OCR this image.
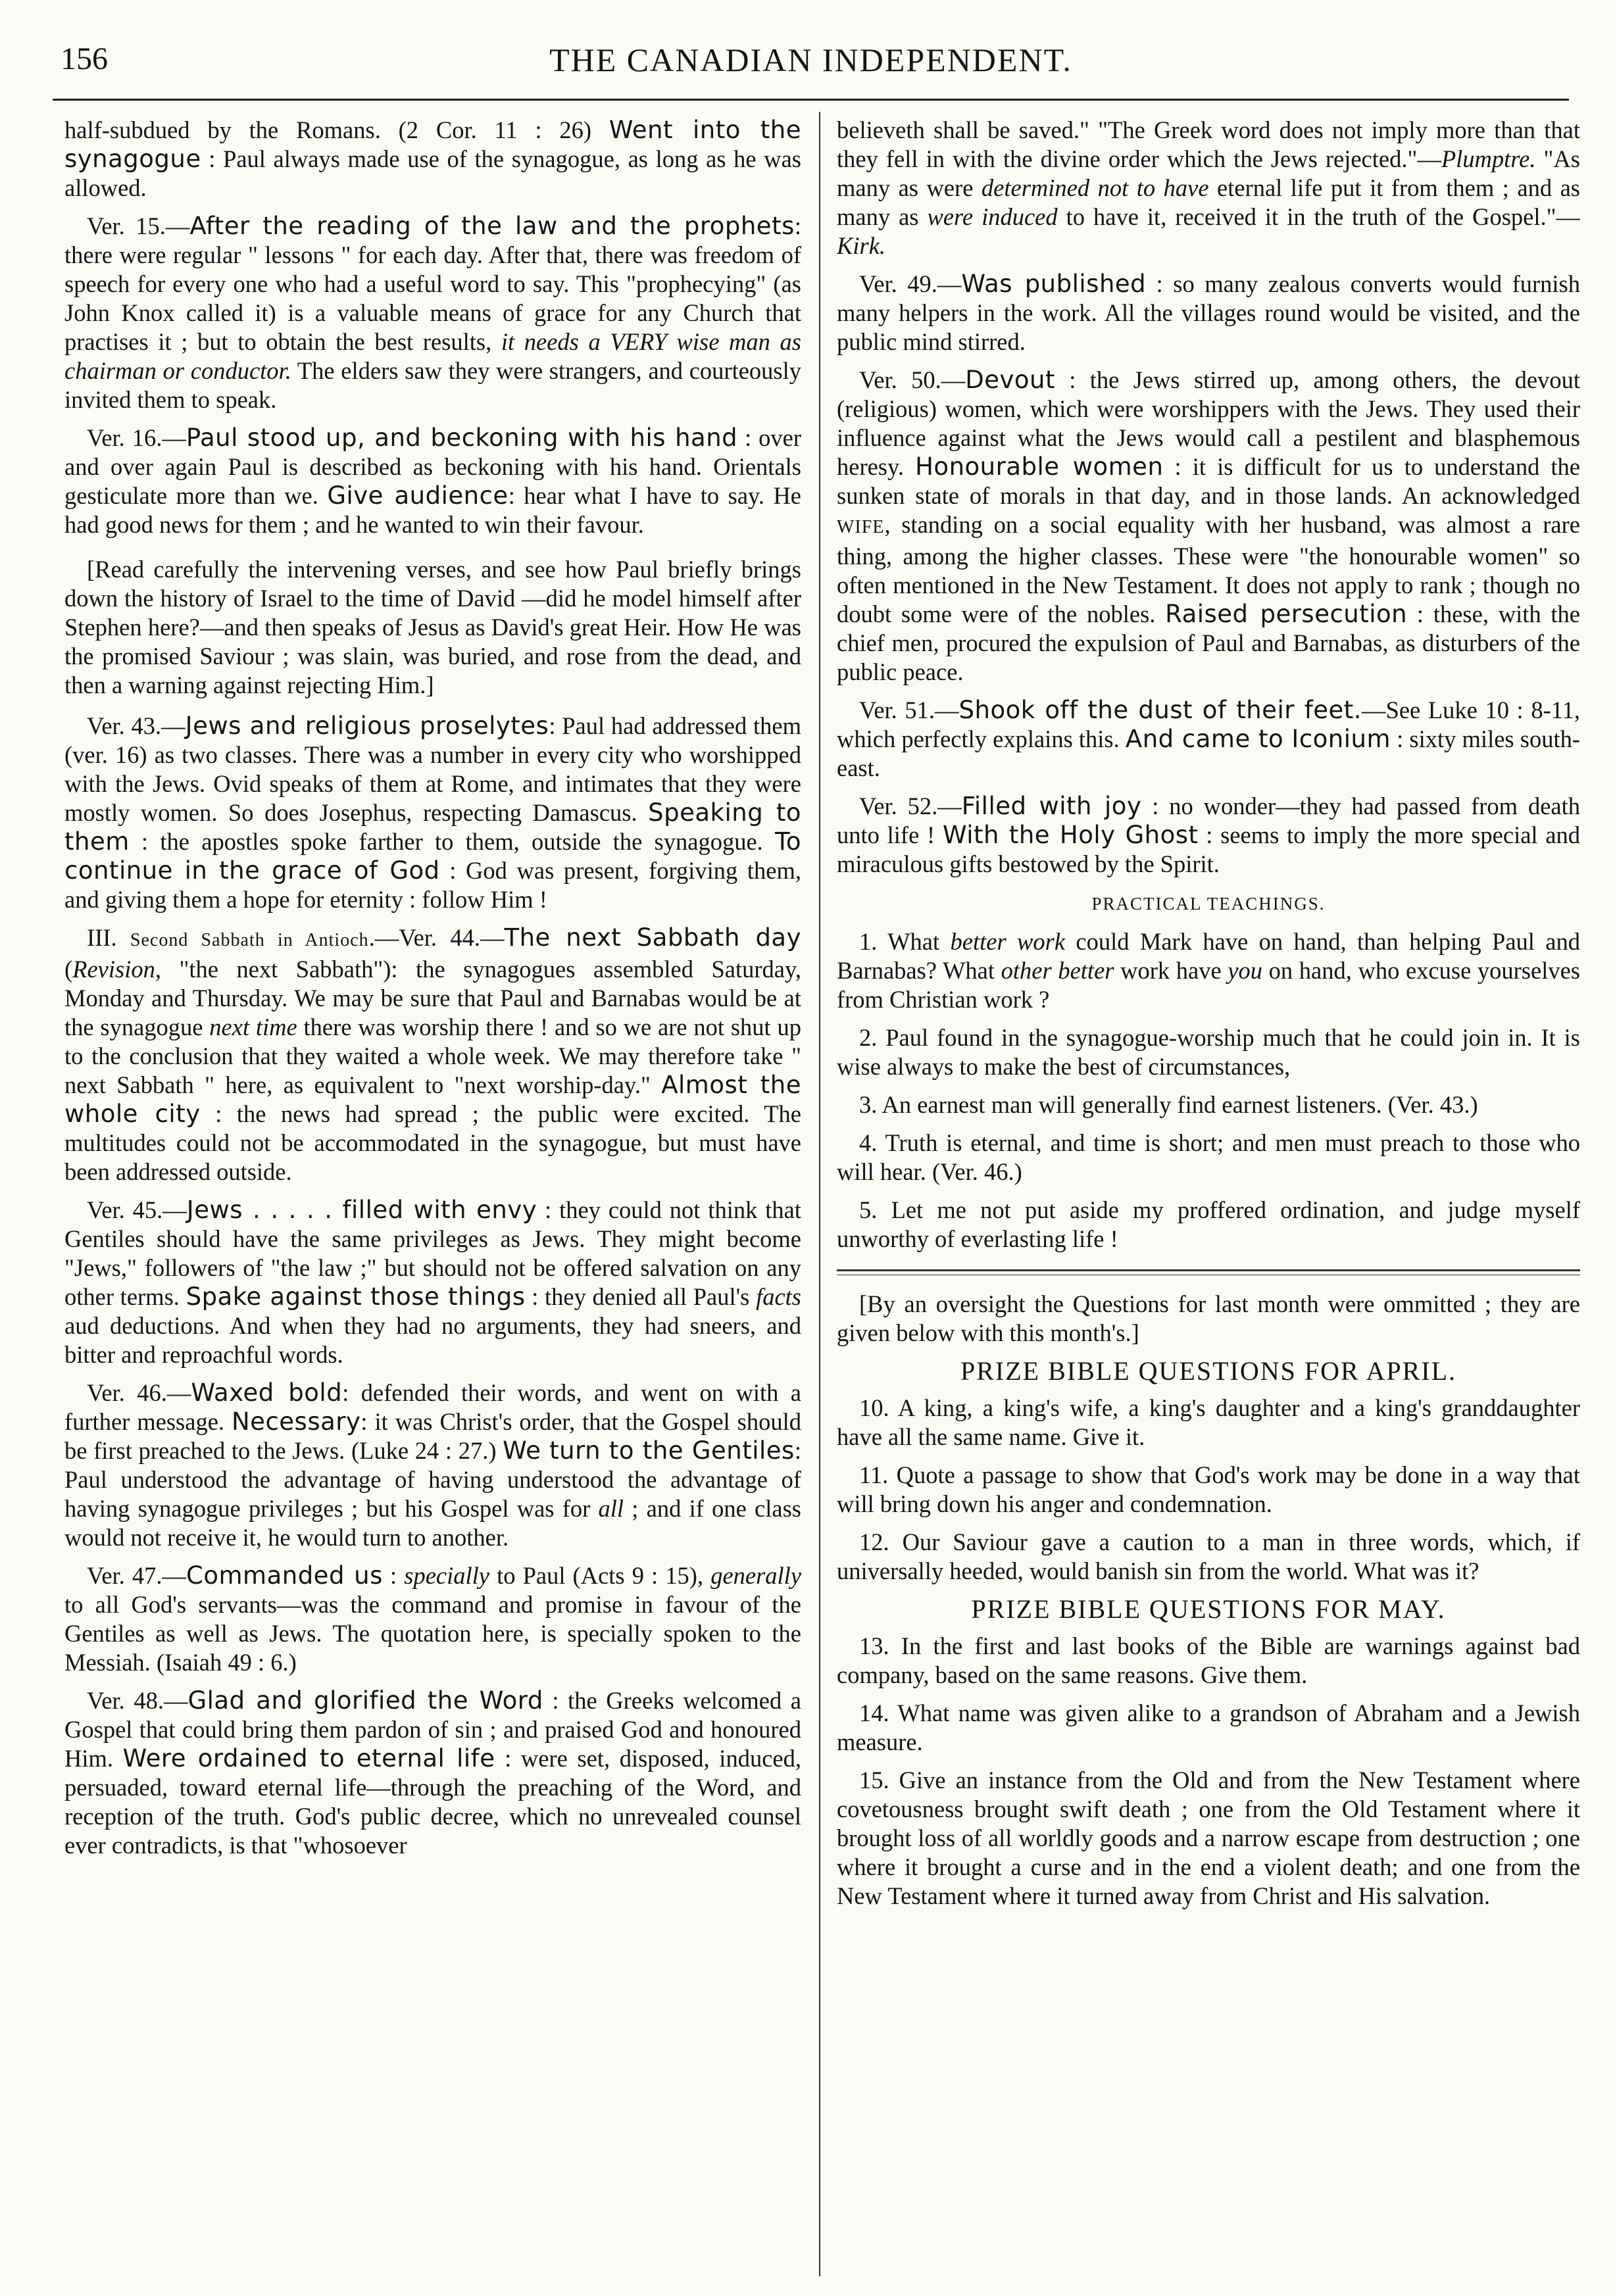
156	THE CANADIAN INDEPENDENT.

half-subdued by the Romans. (2 Cor. 11 : 26) Went into the synagogue : Paul always made use of the synagogue, as long as he was allowed.

Ver. 15.—After the reading of the law and the prophets: there were regular " lessons " for each day. After that, there was freedom of speech for every one who had a useful word to say. This "prophecying" (as John Knox called it) is a valuable means of grace for any Church that practises it ; but to obtain the best results, it needs a VERY wise man as chairman or conductor. The elders saw they were strangers, and courteously invited them to speak.

Ver. 16.—Paul stood up, and beckoning with his hand : over and over again Paul is described as beckoning with his hand. Orientals gesticulate more than we. Give audience: hear what I have to say. He had good news for them ; and he wanted to win their favour.

[Read carefully the intervening verses, and see how Paul briefly brings down the history of Israel to the time of David —did he model himself after Stephen here?—and then speaks of Jesus as David's great Heir. How He was the promised Saviour ; was slain, was buried, and rose from the dead, and then a warning against rejecting Him.]

Ver. 43.—Jews and religious proselytes: Paul had addressed them (ver. 16) as two classes. There was a number in every city who worshipped with the Jews. Ovid speaks of them at Rome, and intimates that they were mostly women. So does Josephus, respecting Damascus. Speaking to them : the apostles spoke farther to them, outside the synagogue. To continue in the grace of God : God was present, forgiving them, and giving them a hope for eternity : follow Him !

III. Second Sabbath in Antioch.—Ver. 44.—The next Sabbath day (Revision, "the next Sabbath"): the synagogues assembled Saturday, Monday and Thursday. We may be sure that Paul and Barnabas would be at the synagogue next time there was worship there ! and so we are not shut up to the conclusion that they waited a whole week. We may therefore take " next Sabbath " here, as equivalent to "next worship-day." Almost the whole city : the news had spread ; the public were excited. The multitudes could not be accommodated in the synagogue, but must have been addressed outside.

Ver. 45.—Jews . . . . . filled with envy : they could not think that Gentiles should have the same privileges as Jews. They might become "Jews," followers of "the law ;" but should not be offered salvation on any other terms. Spake against those things : they denied all Paul's facts aud deductions. And when they had no arguments, they had sneers, and bitter and reproachful words.

Ver. 46.—Waxed bold: defended their words, and went on with a further message. Necessary: it was Christ's order, that the Gospel should be first preached to the Jews. (Luke 24 : 27.) We turn to the Gentiles: Paul understood the advantage of having understood the advantage of having synagogue privileges ; but his Gospel was for all ; and if one class would not receive it, he would turn to another.

Ver. 47.—Commanded us : specially to Paul (Acts 9 : 15), generally to all God's servants—was the command and promise in favour of the Gentiles as well as Jews. The quotation here, is specially spoken to the Messiah. (Isaiah 49 : 6.)

Ver. 48.—Glad and glorified the Word : the Greeks welcomed a Gospel that could bring them pardon of sin ; and praised God and honoured Him. Were ordained to eternal life : were set, disposed, induced, persuaded, toward eternal life—through the preaching of the Word, and reception of the truth. God's public decree, which no unrevealed counsel ever contradicts, is that "whosoever

believeth shall be saved." "The Greek word does not imply more than that they fell in with the divine order which the Jews rejected."—Plumptre. "As many as were determined not to have eternal life put it from them ; and as many as were induced to have it, received it in the truth of the Gospel."—Kirk.

Ver. 49.—Was published : so many zealous converts would furnish many helpers in the work. All the villages round would be visited, and the public mind stirred.

Ver. 50.—Devout : the Jews stirred up, among others, the devout (religious) women, which were worshippers with the Jews. They used their influence against what the Jews would call a pestilent and blasphemous heresy. Honourable women : it is difficult for us to understand the sunken state of morals in that day, and in those lands. An acknowledged WIFE, standing on a social equality with her husband, was almost a rare thing, among the higher classes. These were "the honourable women" so often mentioned in the New Testament. It does not apply to rank ; though no doubt some were of the nobles. Raised persecution : these, with the chief men, procured the expulsion of Paul and Barnabas, as disturbers of the public peace.

Ver. 51.—Shook off the dust of their feet.—See Luke 10 : 8-11, which perfectly explains this. And came to Iconium : sixty miles south-east.

Ver. 52.—Filled with joy : no wonder—they had passed from death unto life ! With the Holy Ghost : seems to imply the more special and miraculous gifts bestowed by the Spirit.

PRACTICAL TEACHINGS.

1. What better work could Mark have on hand, than helping Paul and Barnabas? What other better work have you on hand, who excuse yourselves from Christian work ?

2. Paul found in the synagogue-worship much that he could join in. It is wise always to make the best of circumstances,

3. An earnest man will generally find earnest listeners. (Ver. 43.)

4. Truth is eternal, and time is short; and men must preach to those who will hear. (Ver. 46.)

5. Let me not put aside my proffered ordination, and judge myself unworthy of everlasting life !

[By an oversight the Questions for last month were ommitted ; they are given below with this month's.]

PRIZE BIBLE QUESTIONS FOR APRIL.

10. A king, a king's wife, a king's daughter and a king's granddaughter have all the same name. Give it.

11. Quote a passage to show that God's work may be done in a way that will bring down his anger and condemnation.

12. Our Saviour gave a caution to a man in three words, which, if universally heeded, would banish sin from the world. What was it?

PRIZE BIBLE QUESTIONS FOR MAY.

13. In the first and last books of the Bible are warnings against bad company, based on the same reasons. Give them.

14. What name was given alike to a grandson of Abraham and a Jewish measure.

15. Give an instance from the Old and from the New Testament where covetousness brought swift death ; one from the Old Testament where it brought loss of all worldly goods and a narrow escape from destruction ; one where it brought a curse and in the end a violent death; and one from the New Testament where it turned away from Christ and His salvation.
